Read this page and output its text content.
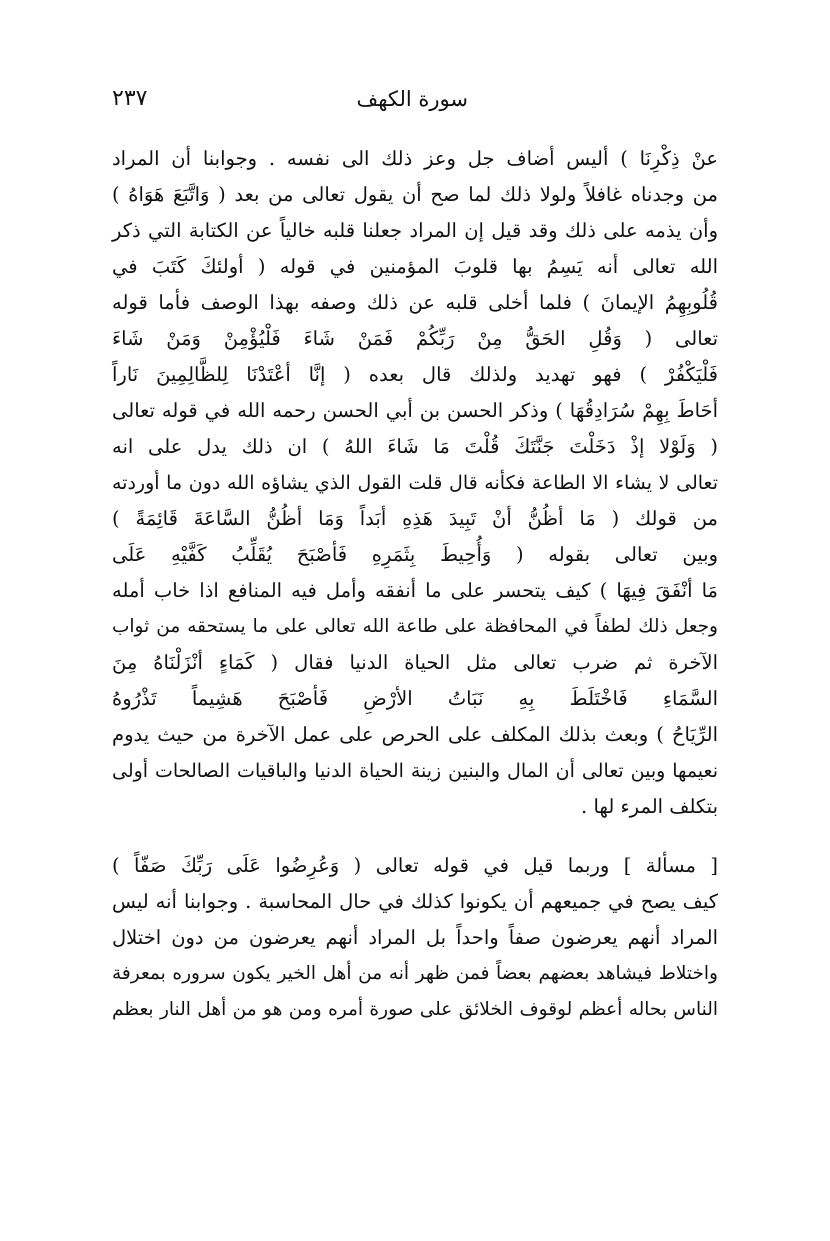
سورة الكهف
٢٣٧
عنْ ذِكْرِنَا ) أليس أضاف جل وعز ذلك الى نفسه . وجوابنا أن المراد
من وجدناه غافلاً ولولا ذلك لما صح أن يقول تعالى من بعد ( وَاتَّبَعَ هَوَاهُ )
وأن يذمه على ذلك وقد قيل إن المراد جعلنا قلبه خالياً عن الكتابة التي ذكر
الله تعالى أنه يَسِمُ بها قلوبَ المؤمنين في قوله ( أولئكَ كَتَبَ في
قُلُوبِهِمُ الإيمانَ ) فلما أخلى قلبه عن ذلك وصفه بهذا الوصف فأما قوله
تعالى ( وَقُلِ الحَقُّ مِنْ رَبِّكُمْ فَمَنْ شَاءَ فَلْيُؤْمِنْ وَمَنْ شَاءَ
فَلْيَكْفُرْ ) فهو تهديد ولذلك قال بعده ( إنَّا أعْتَدْنَا لِلظَّالِمِينَ نَاراً
أحَاطَ بِهِمْ سُرَادِقُهَا ) وذكر الحسن بن أبي الحسن رحمه الله في قوله تعالى
( وَلَوْلا إذْ دَخَلْتَ جَنَّتَكَ قُلْتَ مَا شَاءَ اللهُ ) ان ذلك يدل على انه
تعالى لا يشاء الا الطاعة فكأنه قال قلت القول الذي يشاؤه الله دون ما أوردته
من قولك ( مَا أظُنُّ أنْ تَبِيدَ هَذِهِ أبَداً وَمَا أظُنُّ السَّاعَةَ قَائِمَةً )
وبين تعالى بقوله ( وَأُحِيطَ بِثَمَرِهِ فَأصْبَحَ يُقَلِّبُ كَفَّيْهِ عَلَى
مَا أنْفَقَ فِيهَا ) كيف يتحسر على ما أنفقه وأمل فيه المنافع اذا خاب أمله
وجعل ذلك لطفاً في المحافظة على طاعة الله تعالى على ما يستحقه من ثواب
الآخرة ثم ضرب تعالى مثل الحياة الدنيا فقال ( كَمَاءٍ أنْزَلْنَاهُ مِنَ
السَّمَاءِ فَاخْتَلَطَ بِهِ نَبَاتُ الأرْضِ فَأصْبَحَ هَشِيماً تَذْرُوهُ
الرِّيَاحُ ) وبعث بذلك المكلف على الحرص على عمل الآخرة من حيث يدوم
نعيمها وبين تعالى أن المال والبنين زينة الحياة الدنيا والباقيات الصالحات أولى
بتكلف المرء لها .
[ مسألة ] وربما قيل في قوله تعالى ( وَعُرِضُوا عَلَى رَبِّكَ صَفّاً )
كيف يصح في جميعهم أن يكونوا كذلك في حال المحاسبة . وجوابنا أنه ليس
المراد أنهم يعرضون صفاً واحداً بل المراد أنهم يعرضون من دون اختلال
واختلاط فيشاهد بعضهم بعضاً فمن ظهر أنه من أهل الخير يكون سروره بمعرفة
الناس بحاله أعظم لوقوف الخلائق على صورة أمره ومن هو من أهل النار بعظم
